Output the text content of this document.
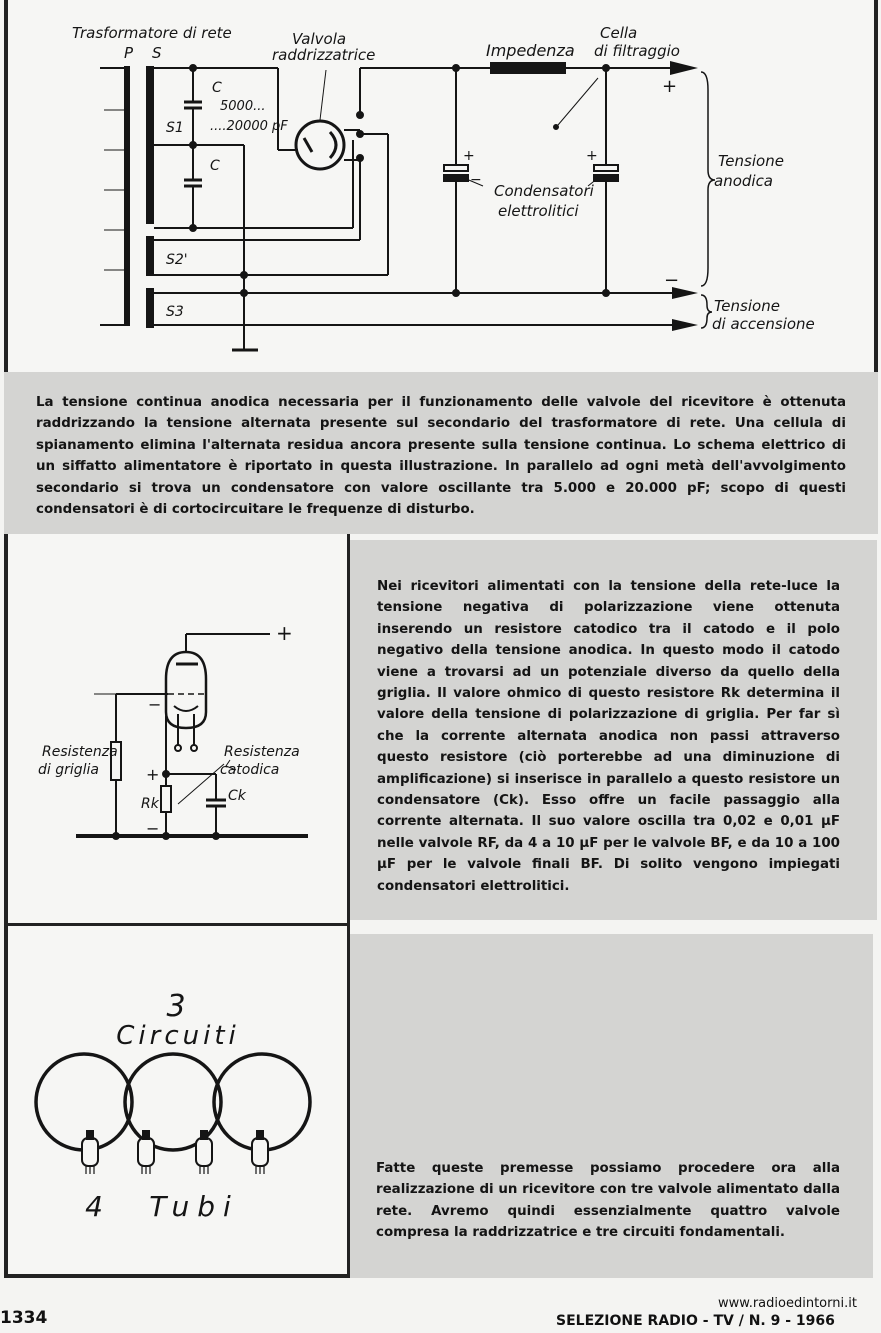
Trasformatore di rete
P S
Valvola
raddrizzatrice	Impedenza
Cella
di filtraggio
C
5000...
....20000 pF
C
S1
S2'
S3
+
−
Tensione
anodica
Condensatori
elettrolitici
Tensione
di accensione
+
−
+
La tensione continua anodica necessaria per il funzionamento delle valvole del ricevitore è ottenuta raddrizzando la tensione alternata presente sul secondario del trasformatore di rete. Una cellula di spianamento elimina l'alternata residua ancora presente sulla tensione continua. Lo schema elettrico di un siffatto alimentatore è riportato in questa illustrazione. In parallelo ad ogni metà dell'avvolgimento secondario si trova un condensatore con valore oscillante tra 5.000 e 20.000 pF; scopo di questi condensatori è di cortocircuitare le frequenze di disturbo.
+
Resistenza
di griglia
Resistenza
catodica
Rk	Ck
+
−
−
Nei ricevitori alimentati con la tensione della rete-luce la tensione negativa di polarizzazione viene ottenuta inserendo un resistore catodico tra il catodo e il polo negativo della tensione anodica. In questo modo il catodo viene a trovarsi ad un potenziale diverso da quello della griglia. Il valore ohmico di questo resistore Rk determina il valore della tensione di polarizzazione di griglia. Per far sì che la corrente alternata anodica non passi attraverso questo resistore (ciò porterebbe ad una diminuzione di amplificazione) si inserisce in parallelo a questo resistore un condensatore (Ck). Esso offre un facile passaggio alla corrente alternata. Il suo valore oscilla tra 0,02 e 0,01 µF nelle valvole RF, da 4 a 10 µF per le valvole BF, e da 10 a 100 µF per le valvole finali BF. Di solito vengono impiegati condensatori elettrolitici.
3
Circuiti
4 Tubi
Fatte queste premesse possiamo procedere ora alla realizzazione di un ricevitore con tre valvole alimentato dalla rete. Avremo quindi essenzialmente quattro valvole compresa la raddrizzatrice e tre circuiti fondamentali.
1334
www.radioedintorni.it
SELEZIONE RADIO - TV / N. 9 - 1966
